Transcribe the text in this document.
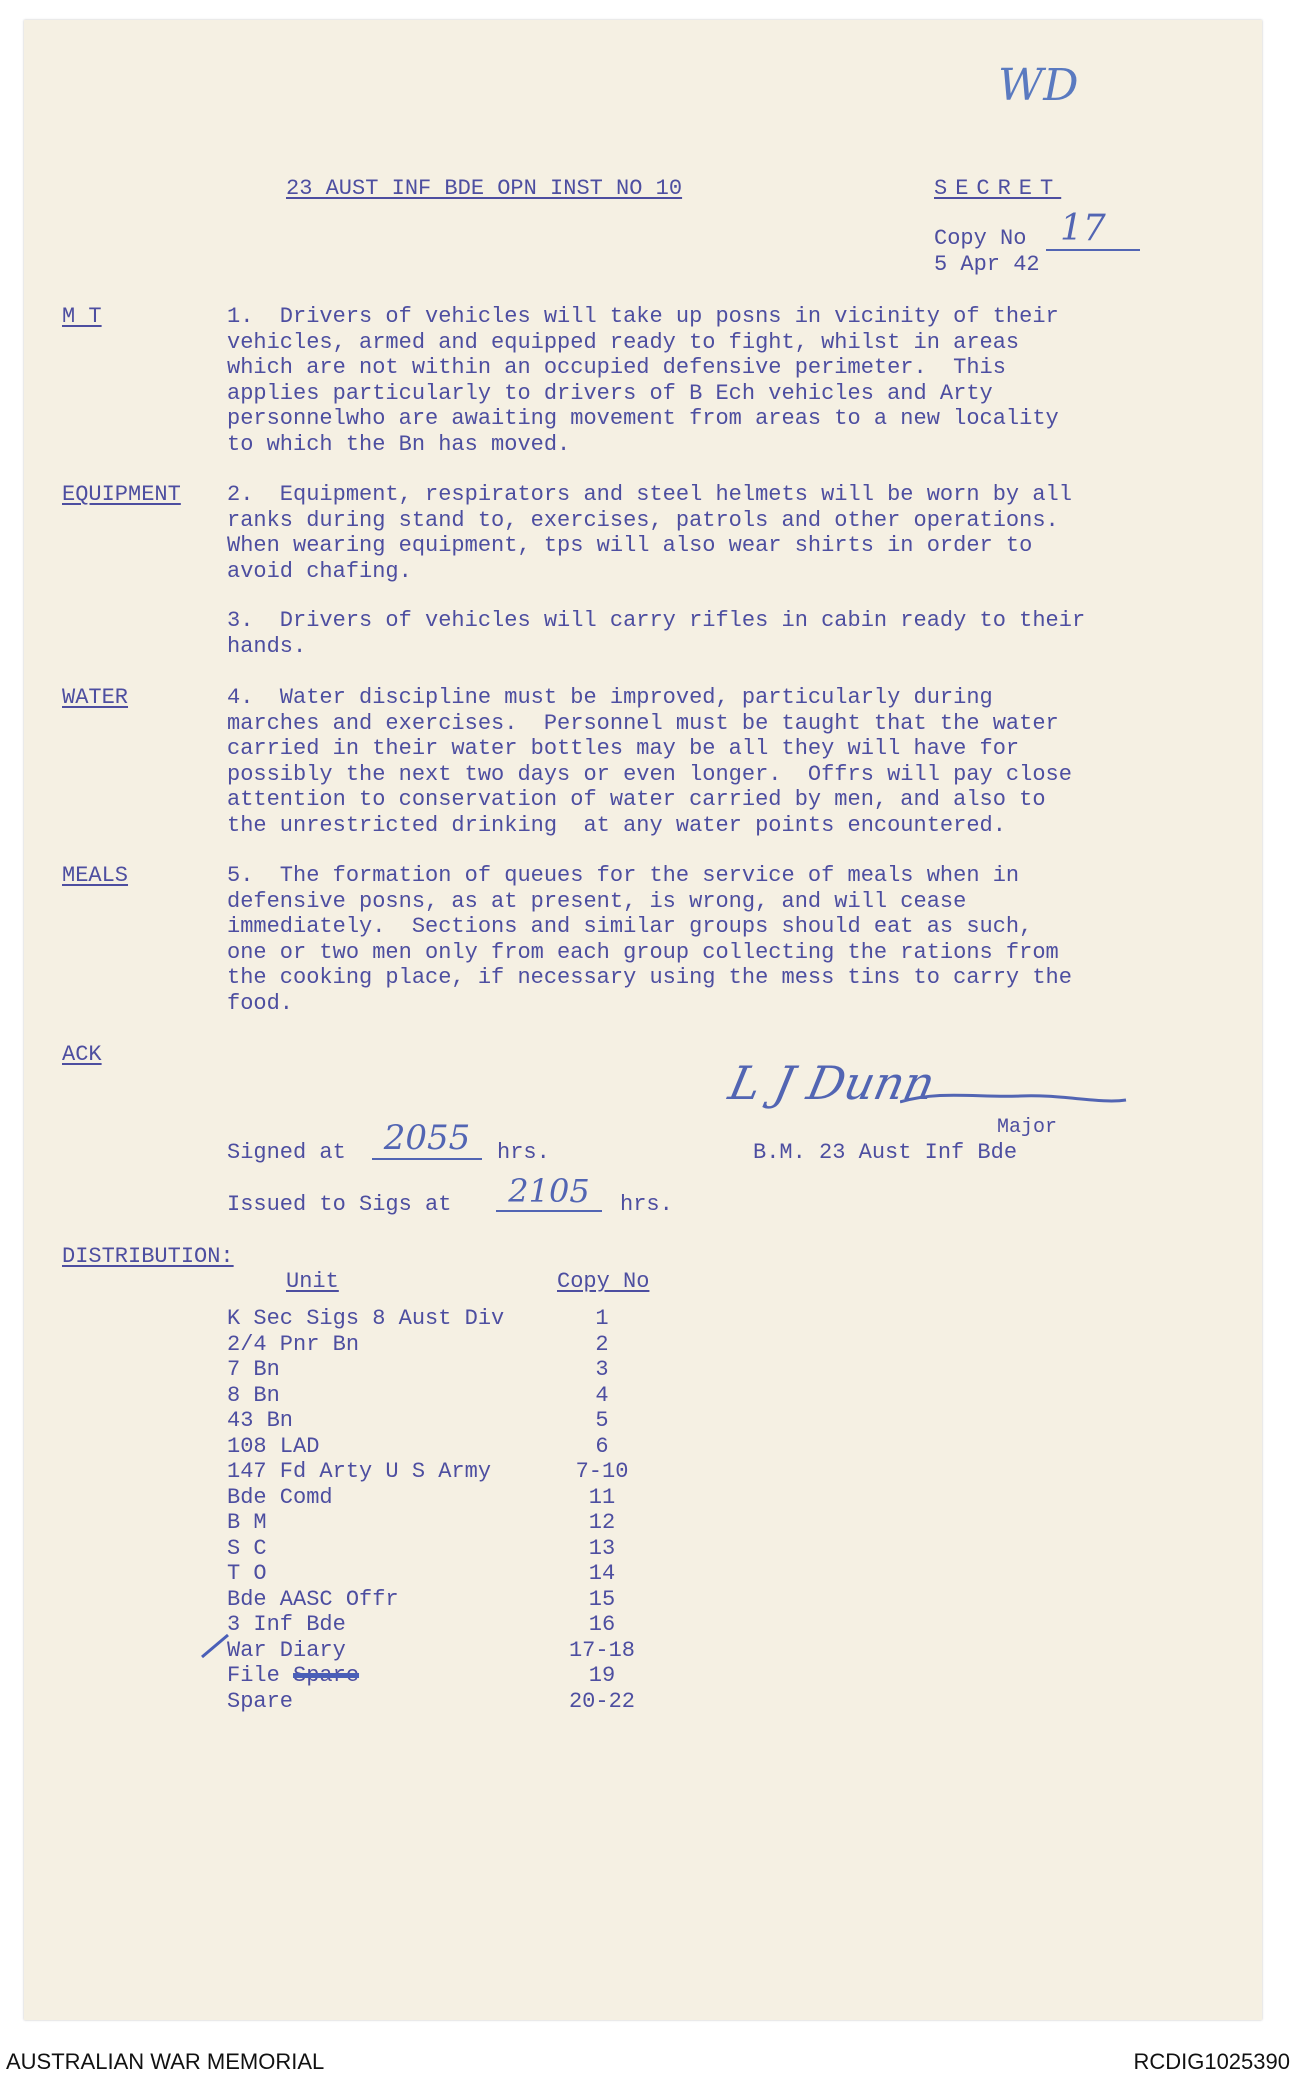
WD
23 AUST INF BDE OPN INST NO 10	SECRET
Copy No 17
5 Apr 42
M T	1.  Drivers of vehicles will take up posns in vicinity of their
vehicles, armed and equipped ready to fight, whilst in areas
which are not within an occupied defensive perimeter.  This
applies particularly to drivers of B Ech vehicles and Arty
personnelwho are awaiting movement from areas to a new locality
to which the Bn has moved.

EQUIPMENT 2.  Equipment, respirators and steel helmets will be worn by all
ranks during stand to, exercises, patrols and other operations.
When wearing equipment, tps will also wear shirts in order to
avoid chafing.

3.  Drivers of vehicles will carry rifles in cabin ready to their
hands.

WATER	4.  Water discipline must be improved, particularly during
marches and exercises.  Personnel must be taught that the water
carried in their water bottles may be all they will have for
possibly the next two days or even longer.  Offrs will pay close
attention to conservation of water carried by men, and also to
the unrestricted drinking  at any water points encountered.

MEALS	5.  The formation of queues for the service of meals when in
defensive posns, as at present, is wrong, and will cease
immediately.  Sections and similar groups should eat as such,
one or two men only from each group collecting the rations from
the cooking place, if necessary using the mess tins to carry the
food.

ACK
L J Dunn
Major
B.M. 23 Aust Inf Bde
Signed at	2055	hrs.
Issued to Sigs at	2105	hrs.
DISTRIBUTION:
Unit	Copy No
K Sec Sigs 8 Aust Div	1
2/4 Pnr Bn	2
7 Bn	3
8 Bn	4
43 Bn	5
108 LAD	6
147 Fd Arty U S Army	7-10
Bde Comd	11
B M	12
S C	13
T O	14
Bde AASC Offr	15
3 Inf Bde	16
War Diary	17-18
File Spare	19
Spare	20-22
AUSTRALIAN WAR MEMORIAL	RCDIG1025390
